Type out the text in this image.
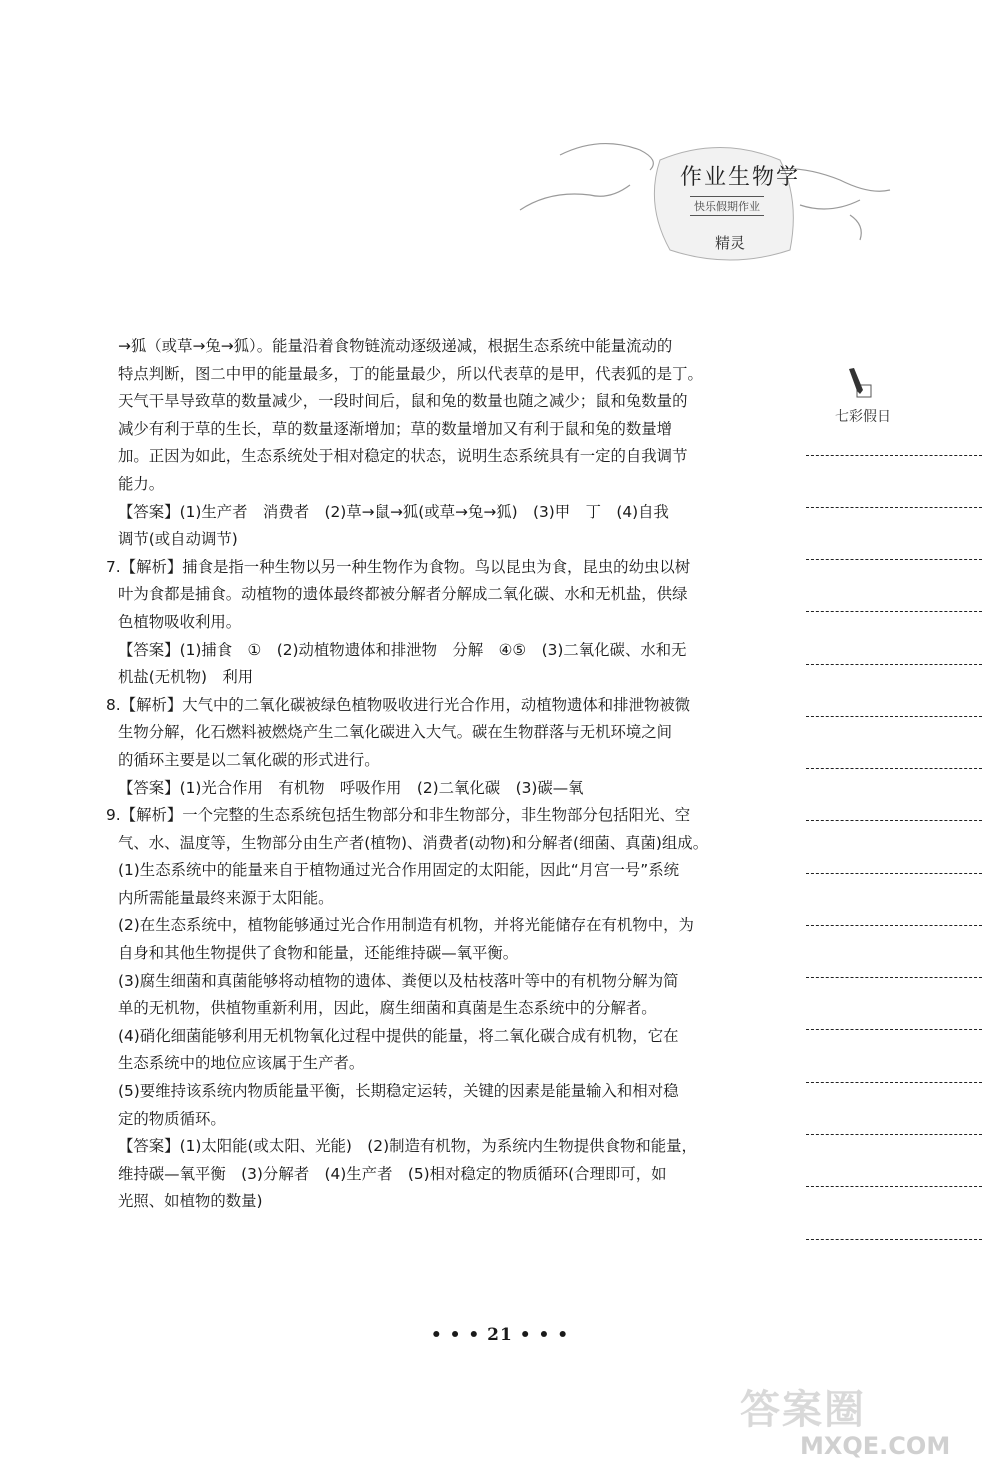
作业生物学
快乐假期作业
精灵

→狐（或草→兔→狐）。能量沿着食物链流动逐级递减，根据生态系统中能量流动的

特点判断，图二中甲的能量最多，丁的能量最少，所以代表草的是甲，代表狐的是丁。

天气干旱导致草的数量减少，一段时间后，鼠和兔的数量也随之减少；鼠和兔数量的

减少有利于草的生长，草的数量逐渐增加；草的数量增加又有利于鼠和兔的数量增

加。正因为如此，生态系统处于相对稳定的状态，说明生态系统具有一定的自我调节

能力。

【答案】(1)生产者　消费者　(2)草→鼠→狐(或草→兔→狐)　(3)甲　丁　(4)自我

调节(或自动调节)

7.【解析】捕食是指一种生物以另一种生物作为食物。鸟以昆虫为食，昆虫的幼虫以树

叶为食都是捕食。动植物的遗体最终都被分解者分解成二氧化碳、水和无机盐，供绿

色植物吸收利用。

【答案】(1)捕食　①　(2)动植物遗体和排泄物　分解　④⑤　(3)二氧化碳、水和无

机盐(无机物)　利用

8.【解析】大气中的二氧化碳被绿色植物吸收进行光合作用，动植物遗体和排泄物被微

生物分解，化石燃料被燃烧产生二氧化碳进入大气。碳在生物群落与无机环境之间

的循环主要是以二氧化碳的形式进行。

【答案】(1)光合作用　有机物　呼吸作用　(2)二氧化碳　(3)碳—氧

9.【解析】一个完整的生态系统包括生物部分和非生物部分，非生物部分包括阳光、空

气、水、温度等，生物部分由生产者(植物)、消费者(动物)和分解者(细菌、真菌)组成。

(1)生态系统中的能量来自于植物通过光合作用固定的太阳能，因此“月宫一号”系统

内所需能量最终来源于太阳能。

(2)在生态系统中，植物能够通过光合作用制造有机物，并将光能储存在有机物中，为

自身和其他生物提供了食物和能量，还能维持碳—氧平衡。

(3)腐生细菌和真菌能够将动植物的遗体、粪便以及枯枝落叶等中的有机物分解为简

单的无机物，供植物重新利用，因此，腐生细菌和真菌是生态系统中的分解者。

(4)硝化细菌能够利用无机物氧化过程中提供的能量，将二氧化碳合成有机物，它在

生态系统中的地位应该属于生产者。

(5)要维持该系统内物质能量平衡，长期稳定运转，关键的因素是能量输入和相对稳

定的物质循环。

【答案】(1)太阳能(或太阳、光能)　(2)制造有机物，为系统内生物提供食物和能量，

维持碳—氧平衡　(3)分解者　(4)生产者　(5)相对稳定的物质循环(合理即可，如

光照、如植物的数量)

七彩假日
• • • 21 • • •
答案圈
MXQE.COM
